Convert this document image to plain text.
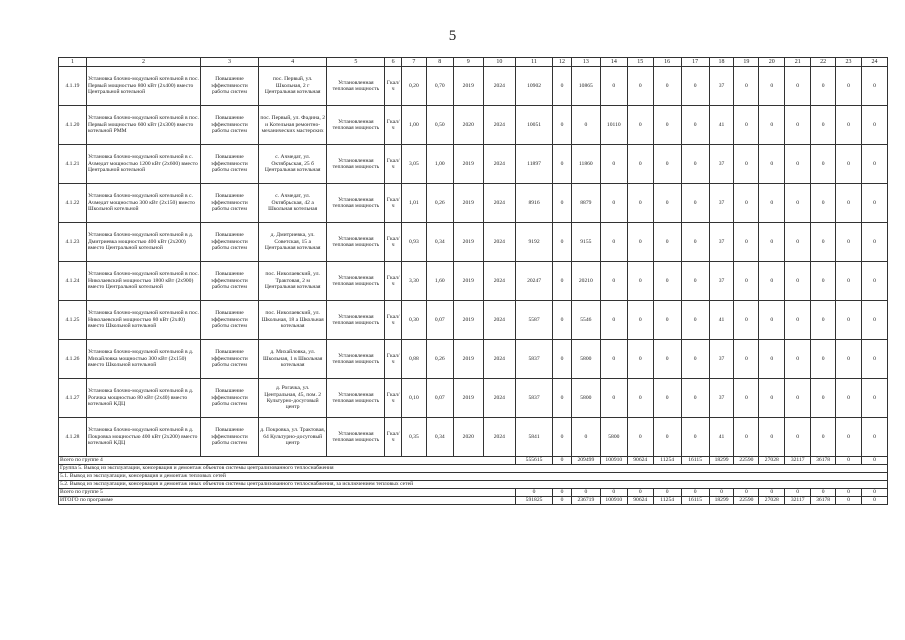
5
1	2	3	4	5	6	7	8	9	10	11	12	13	14	15	16	17	18	19	20	21	22	23	24
4.1.19	Установка блочно-модульной котельной в пос. Первый мощностью 800 кВт (2х400) вместо Центральной котельной	Повышение эффективности работы систем	пос. Первый, ул. Школьная, 2 г Центральная котельная	Установленная тепловая мощность	Гкал/ч	0,20	0,70	2019	2024	10902	0	10865	0	0	0	0	37	0	0	0	0	0	0
4.1.20	Установка блочно-модульной котельной в пос. Первый мощностью 600 кВт (2х300) вместо котельной РММ	Повышение эффективности работы систем	пос. Первый, ул. Фадина, 2 и Котельная ремонтно-механических мастерских	Установленная тепловая мощность	Гкал/ч	1,00	0,50	2020	2024	10051	0	0	10110	0	0	0	41	0	0	0	0	0	0
4.1.21	Установка блочно-модульной котельной в с. Ачмедат мощностью 1200 кВт (2х600) вместо Центральной котельной	Повышение эффективности работы систем	с. Ачмедат, ул. Октябрьская, 25 б Центральная котельная	Установленная тепловая мощность	Гкал/ч	3,05	1,00	2019	2024	11897	0	11860	0	0	0	0	37	0	0	0	0	0	0
4.1.22	Установка блочно-модульной котельной в с. Ачмедат мощностью 300 кВт (2х150) вместо Школьной котельной	Повышение эффективности работы систем	с. Ачмедат, ул. Октябрьская, 42 а Школьная котельная	Установленная тепловая мощность	Гкал/ч	1,01	0,26	2019	2024	8916	0	8879	0	0	0	0	37	0	0	0	0	0	0
4.1.23	Установка блочно-модульной котельной в д. Дмитриевка мощностью 400 кВт (2х200) вместо Центральной котельной	Повышение эффективности работы систем	д. Дмитриевка, ул. Советская, 15 а Центральная котельная	Установленная тепловая мощность	Гкал/ч	0,93	0,34	2019	2024	9192	0	9155	0	0	0	0	37	0	0	0	0	0	0
4.1.24	Установка блочно-модульной котельной в пос. Николаевский мощностью 1800 кВт (2х900) вместо Центральной котельной	Повышение эффективности работы систем	пос. Николаевский, ул. Трактовая, 2 м Центральная котельная	Установленная тепловая мощность	Гкал/ч	3,30	1,60	2019	2024	20247	0	20210	0	0	0	0	37	0	0	0	0	0	0
4.1.25	Установка блочно-модульной котельной в пос. Николаевский мощностью 80 кВт (2х40) вместо Школьной котельной	Повышение эффективности работы систем	пос. Николаевский, ул. Школьная, 18 а Школьная котельная	Установленная тепловая мощность	Гкал/ч	0,30	0,07	2019	2024	5587	0	5546	0	0	0	0	41	0	0	0	0	0	0
4.1.26	Установка блочно-модульной котельной в д. Михайловка мощностью 300 кВт (2х150) вместо Школьной котельной	Повышение эффективности работы систем	д. Михайловка, ул. Школьная, 1 в Школьная котельная	Установленная тепловая мощность	Гкал/ч	0,88	0,26	2019	2024	5837	0	5800	0	0	0	0	37	0	0	0	0	0	0
4.1.27	Установка блочно-модульной котельной в д. Рогачка мощностью 80 кВт (2х40) вместо котельной КДЦ	Повышение эффективности работы систем	д. Рогачка, ул. Центральная, 45, пом. 2 Культурно-досуговый центр	Установленная тепловая мощность	Гкал/ч	0,10	0,07	2019	2024	5837	0	5800	0	0	0	0	37	0	0	0	0	0	0
4.1.28	Установка блочно-модульной котельной в д. Покровка мощностью 400 кВт (2х200) вместо котельной КДЦ	Повышение эффективности работы систем	д. Покровка, ул. Трактовая, 64 Культурно-досуговый центр	Установленная тепловая мощность	Гкал/ч	0,35	0,34	2020	2024	5841	0	0	5800	0	0	0	41	0	0	0	0	0	0
Всего по группе 4										555615	0	209499	100910	90624	11254	16115	18299	22590	27028	32117	36178	0	0
Группа 5. Вывод из эксплуатации, консервация и демонтаж объектов системы централизованного теплоснабжения																							
5.1. Вывод из эксплуатации, консервация и демонтаж тепловых сетей																							
5.2. Вывод из эксплуатации, консервация и демонтаж иных объектов системы централизованного теплоснабжения, за исключением тепловых сетей																							
Всего по группе 5										0	0	0	0	0	0	0	0	0	0	0	0	0	0
ИТОГО по программе										591825	0	236719	100910	90624	11254	16115	18299	22590	27028	32117	36178	0	0
